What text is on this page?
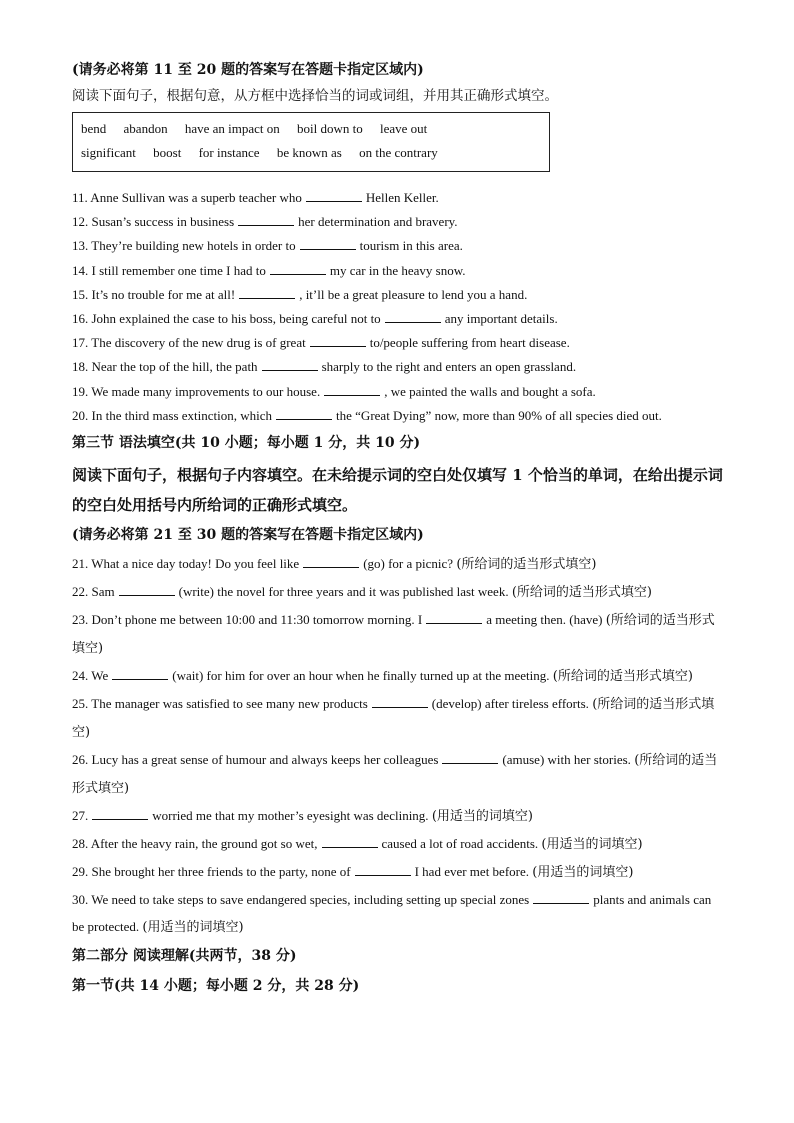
(请务必将第 11 至 20 题的答案写在答题卡指定区域内)

阅读下面句子，根据句意，从方框中选择恰当的词或词组，并用其正确形式填空。

bend abandon have an impact on boil down to leave out
significant boost for instance be known as on the contrary

11. Anne Sullivan was a superb teacher who	Hellen Keller.

12. Susan’s success in business	her determination and bravery.

13. They’re building new hotels in order to	tourism in this area.

14. I still remember one time I had to	my car in the heavy snow.

15. It’s no trouble for me at all!	, it’ll be a great pleasure to lend you a hand.

16. John explained the case to his boss, being careful not to	any important details.

17. The discovery of the new drug is of great	to/people suffering from heart disease.

18. Near the top of the hill, the path	sharply to the right and enters an open grassland.

19. We made many improvements to our house.	, we painted the walls and bought a sofa.

20. In the third mass extinction, which	the “Great Dying” now, more than 90% of all species died out.

第三节 语法填空(共 10 小题；每小题 1 分，共 10 分)

阅读下面句子，根据句子内容填空。在未给提示词的空白处仅填写 1 个恰当的单词，在给出提示词的空白处用括号内所给词的正确形式填空。

(请务必将第 21 至 30 题的答案写在答题卡指定区域内)

21. What a nice day today! Do you feel like	(go) for a picnic? (所给词的适当形式填空)

22. Sam	(write) the novel for three years and it was published last week. (所给词的适当形式填空)

23. Don’t phone me between 10:00 and 11:30 tomorrow morning. I	a meeting then. (have) (所给词的适当形式填空)

24. We	(wait) for him for over an hour when he finally turned up at the meeting. (所给词的适当形式填空)

25. The manager was satisfied to see many new products	(develop) after tireless efforts. (所给词的适当形式填空)

26. Lucy has a great sense of humour and always keeps her colleagues	(amuse) with her stories. (所给词的适当形式填空)

27.	worried me that my mother’s eyesight was declining. (用适当的词填空)

28. After the heavy rain, the ground got so wet,	caused a lot of road accidents. (用适当的词填空)

29. She brought her three friends to the party, none of	I had ever met before. (用适当的词填空)

30. We need to take steps to save endangered species, including setting up special zones	plants and animals can be protected. (用适当的词填空)

第二部分 阅读理解(共两节，38 分)

第一节(共 14 小题；每小题 2 分，共 28 分)
